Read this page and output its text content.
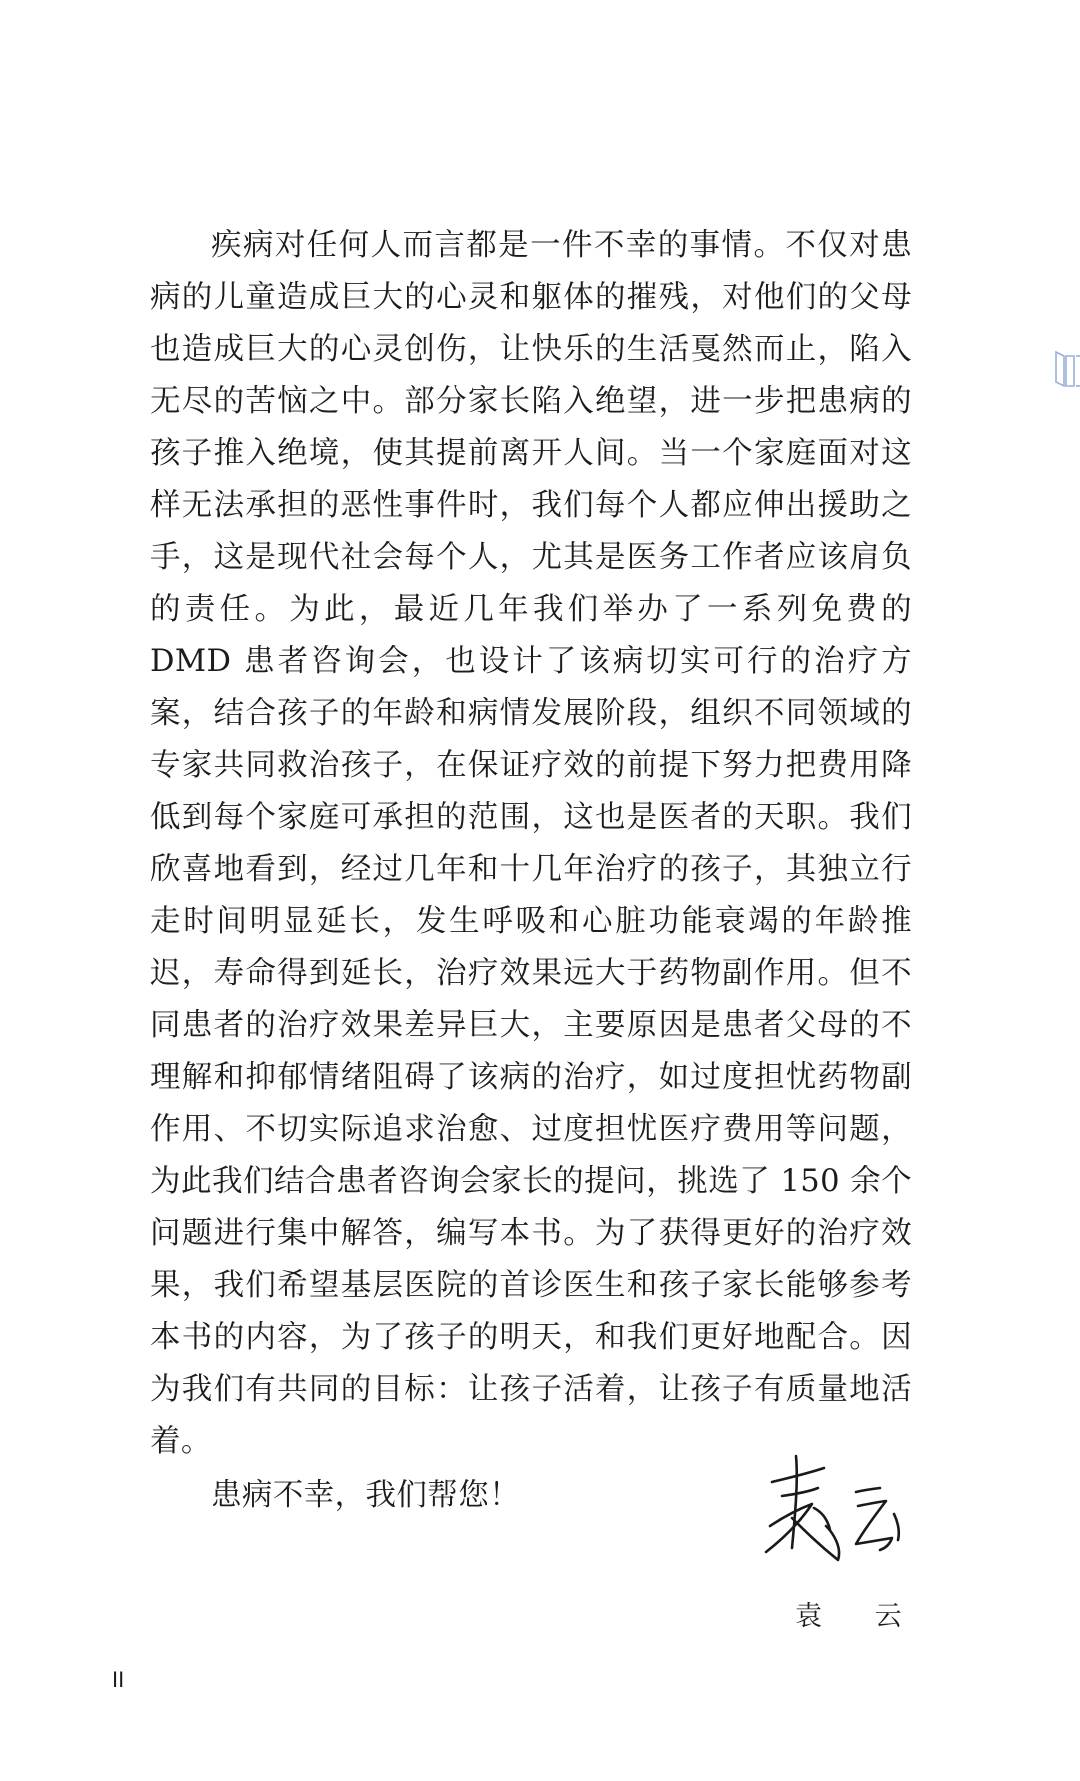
疾病对任何人而言都是一件不幸的事情。不仅对患病的儿童造成巨大的心灵和躯体的摧残，对他们的父母也造成巨大的心灵创伤，让快乐的生活戛然而止，陷入无尽的苦恼之中。部分家长陷入绝望，进一步把患病的孩子推入绝境，使其提前离开人间。当一个家庭面对这样无法承担的恶性事件时，我们每个人都应伸出援助之手，这是现代社会每个人，尤其是医务工作者应该肩负的责任。为此，最近几年我们举办了一系列免费的 DMD 患者咨询会，也设计了该病切实可行的治疗方案，结合孩子的年龄和病情发展阶段，组织不同领域的专家共同救治孩子，在保证疗效的前提下努力把费用降低到每个家庭可承担的范围，这也是医者的天职。我们欣喜地看到，经过几年和十几年治疗的孩子，其独立行走时间明显延长，发生呼吸和心脏功能衰竭的年龄推迟，寿命得到延长，治疗效果远大于药物副作用。但不同患者的治疗效果差异巨大，主要原因是患者父母的不理解和抑郁情绪阻碍了该病的治疗，如过度担忧药物副作用、不切实际追求治愈、过度担忧医疗费用等问题，为此我们结合患者咨询会家长的提问，挑选了 150 余个问题进行集中解答，编写本书。为了获得更好的治疗效果，我们希望基层医院的首诊医生和孩子家长能够参考本书的内容，为了孩子的明天，和我们更好地配合。因为我们有共同的目标：让孩子活着，让孩子有质量地活着。

患病不幸，我们帮您！

袁 云
II
